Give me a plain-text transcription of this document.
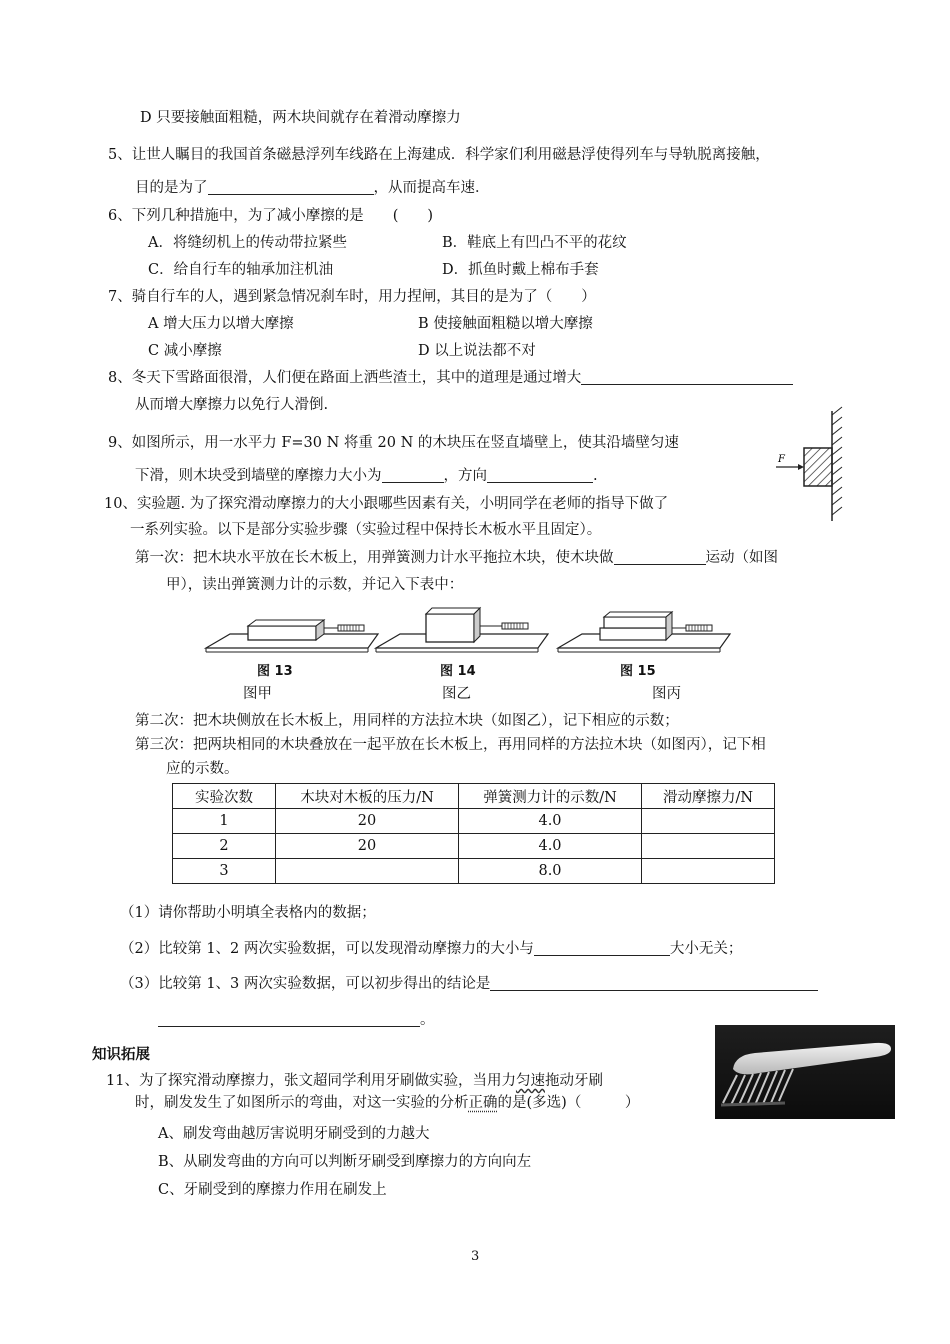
D 只要接触面粗糙，两木块间就存在着滑动摩擦力
5、让世人瞩目的我国首条磁悬浮列车线路在上海建成．科学家们利用磁悬浮使得列车与导轨脱离接触，
目的是为了	，从而提高车速．
6、下列几种措施中，为了减小摩擦的是　　(　　)
A．将缝纫机上的传动带拉紧些	B．鞋底上有凹凸不平的花纹
C．给自行车的轴承加注机油	D．抓鱼时戴上棉布手套
7、骑自行车的人，遇到紧急情况刹车时，用力捏闸，其目的是为了（　　）
A 增大压力以增大摩擦	B 使接触面粗糙以增大摩擦
C 减小摩擦	D 以上说法都不对
8、冬天下雪路面很滑，人们便在路面上洒些渣土，其中的道理是通过增大
从而增大摩擦力以免行人滑倒.
9、如图所示，用一水平力 F=30 N 将重 20 N 的木块压在竖直墙壁上，使其沿墙壁匀速
下滑，则木块受到墙壁的摩擦力大小为	，方向	.
F
10、实验题. 为了探究滑动摩擦力的大小跟哪些因素有关，小明同学在老师的指导下做了
一系列实验。以下是部分实验步骤（实验过程中保持长木板水平且固定）。
第一次：把木块水平放在长木板上，用弹簧测力计水平拖拉木块，使木块做	运动（如图
甲），读出弹簧测力计的示数，并记入下表中：
图 13	图 14	图 15
图甲	图乙	图丙
第二次：把木块侧放在长木板上，用同样的方法拉木块（如图乙），记下相应的示数；
第三次：把两块相同的木块叠放在一起平放在长木板上，再用同样的方法拉木块（如图丙），记下相
应的示数。
实验次数	木块对木板的压力/N	弹簧测力计的示数/N	滑动摩擦力/N
1	20	4.0	
2	20	4.0	
3		8.0	
（1）请你帮助小明填全表格内的数据；
（2）比较第 1、2 两次实验数据，可以发现滑动摩擦力的大小与	大小无关；
（3）比较第 1、3 两次实验数据，可以初步得出的结论是
。
知识拓展
11、为了探究滑动摩擦力，张文超同学利用牙刷做实验，当用力匀速拖动牙刷
时，刷发发生了如图所示的弯曲，对这一实验的分析正确的是(多选)（　　　）
A、刷发弯曲越厉害说明牙刷受到的力越大
B、从刷发弯曲的方向可以判断牙刷受到摩擦力的方向向左
C、牙刷受到的摩擦力作用在刷发上
3
